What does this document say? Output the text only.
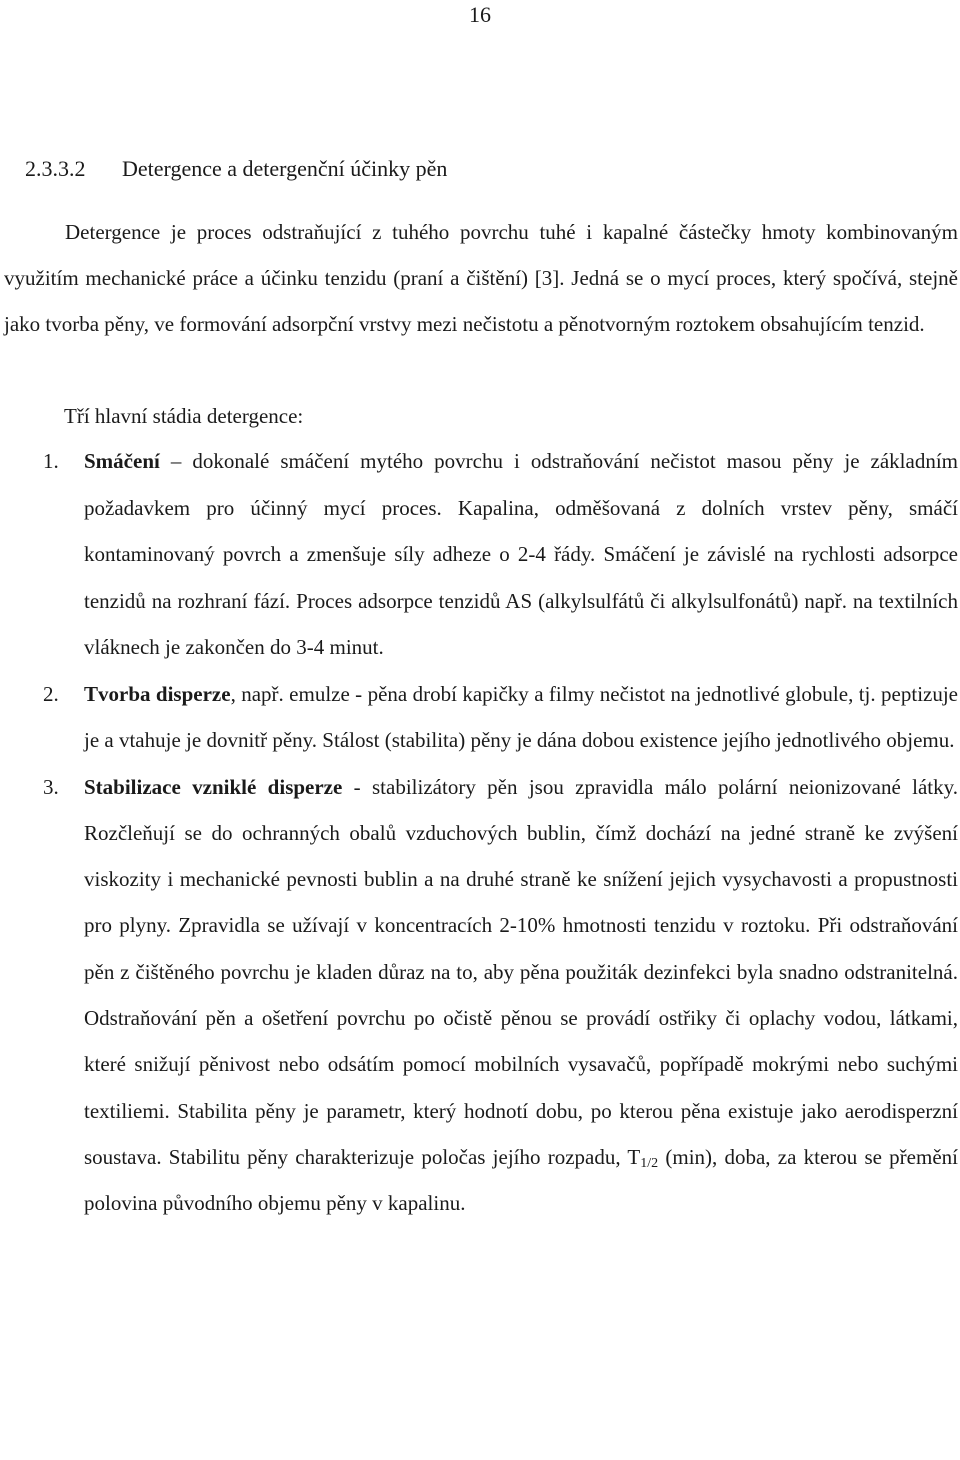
16
2.3.3.2 Detergence a detergenční účinky pěn

Detergence je proces odstraňující z tuhého povrchu tuhé i kapalné částečky hmoty kombinovaným využitím mechanické práce a účinku tenzidu (praní a čištění) [3]. Jedná se o mycí proces, který spočívá, stejně jako tvorba pěny, ve formování adsorpční vrstvy mezi nečistotu a pěnotvorným roztokem obsahujícím tenzid.

Tří hlavní stádia detergence:
1. Smáčení – dokonalé smáčení mytého povrchu i odstraňování nečistot masou pěny je základním požadavkem pro účinný mycí proces. Kapalina, odměšovaná z dolních vrstev pěny, smáčí kontaminovaný povrch a zmenšuje síly adheze o 2-4 řády. Smáčení je závislé na rychlosti adsorpce tenzidů na rozhraní fází. Proces adsorpce tenzidů AS (alkylsulfátů či alkylsulfonátů) např. na textilních vláknech je zakončen do 3-4 minut.
2. Tvorba disperze, např. emulze - pěna drobí kapičky a filmy nečistot na jednotlivé globule, tj. peptizuje je a vtahuje je dovnitř pěny. Stálost (stabilita) pěny je dána dobou existence jejího jednotlivého objemu.
3. Stabilizace vzniklé disperze - stabilizátory pěn jsou zpravidla málo polární neionizované látky. Rozčleňují se do ochranných obalů vzduchových bublin, čímž dochází na jedné straně ke zvýšení viskozity i mechanické pevnosti bublin a na druhé straně ke snížení jejich vysychavosti a propustnosti pro plyny. Zpravidla se užívají v koncentracích 2-10% hmotnosti tenzidu v roztoku. Při odstraňování pěn z čištěného povrchu je kladen důraz na to, aby pěna použiták dezinfekci byla snadno odstranitelná. Odstraňování pěn a ošetření povrchu po očistě pěnou se provádí ostřiky či oplachy vodou, látkami, které snižují pěnivost nebo odsátím pomocí mobilních vysavačů, popřípadě mokrými nebo suchými textiliemi. Stabilita pěny je parametr, který hodnotí dobu, po kterou pěna existuje jako aerodisperzní soustava. Stabilitu pěny charakterizuje poločas jejího rozpadu, $T_{1/2}$ (min), doba, za kterou se přemění polovina původního objemu pěny v kapalinu.
